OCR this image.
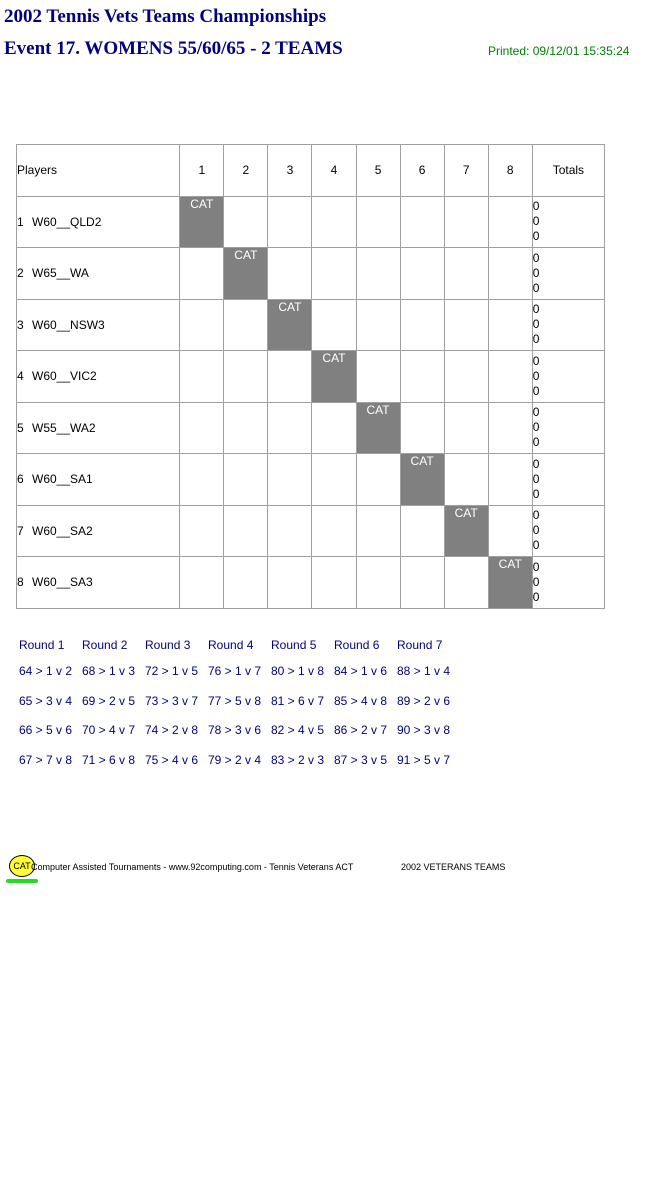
2002 Tennis Vets Teams Championships
Event 17. WOMENS 55/60/65 - 2 TEAMS	Printed: 09/12/01 15:35:24
Players	1	2	3	4	5	6	7	8	Totals
1 W60__QLD2	CAT								0
0
0

2 W65__WA		CAT							0
0
0

3 W60__NSW3			CAT						0
0
0

4 W60__VIC2				CAT					0
0
0

5 W55__WA2					CAT				0
0
0

6 W60__SA1						CAT			0
0
0

7 W60__SA2							CAT		0
0
0

8 W60__SA3								CAT	0
0
0
Round 1	Round 2	Round 3	Round 4	Round 5	Round 6	Round 7
64 > 1 v 2 68 > 1 v 3 72 > 1 v 5 76 > 1 v 7 80 > 1 v 8 84 > 1 v 6 88 > 1 v 4
65 > 3 v 4 69 > 2 v 5 73 > 3 v 7 77 > 5 v 8 81 > 6 v 7 85 > 4 v 8 89 > 2 v 6
66 > 5 v 6 70 > 4 v 7 74 > 2 v 8 78 > 3 v 6 82 > 4 v 5 86 > 2 v 7 90 > 3 v 8
67 > 7 v 8 71 > 6 v 8 75 > 4 v 6 79 > 2 v 4 83 > 2 v 3 87 > 3 v 5 91 > 5 v 7
CAT Computer Assisted Tournaments - www.92computing.com - Tennis Veterans ACT	2002 VETERANS TEAMS
